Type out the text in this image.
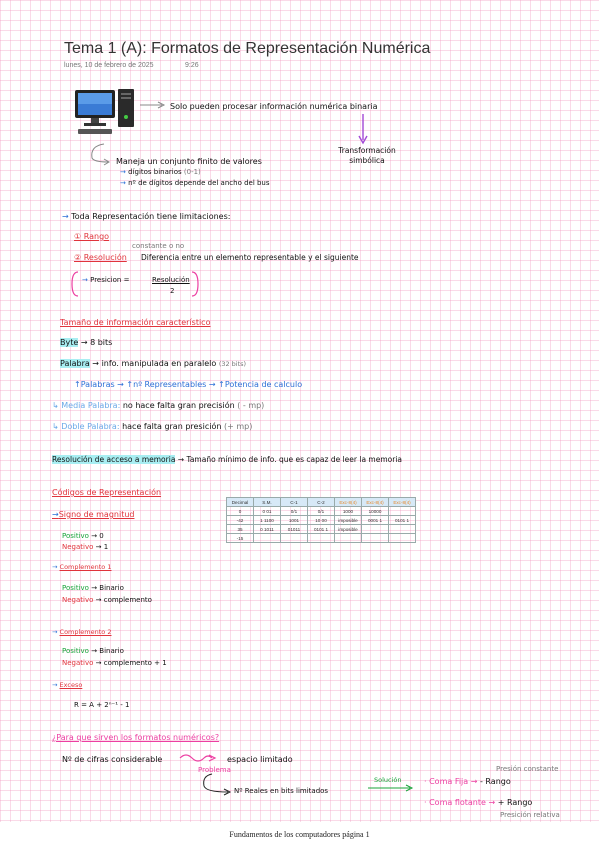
Tema 1 (A): Formatos de Representación Numérica
lunes, 10 de febrero de 2025	9:26
Solo pueden procesar información numérica binaria
Transformación simbólica
Maneja un conjunto finito de valores
→ dígitos binarios (0-1)
→ nº de dígitos depende del ancho del bus
→ Toda Representación tiene limitaciones:
① Rango
constante o no
② Resolución Diferencia entre un elemento representable y el siguiente
→ Presicion =	Resolución
2
Tamaño de información característico
Byte → 8 bits
Palabra → info. manipulada en paralelo (32 bits)
↑Palabras → ↑nº Representables → ↑Potencia de calculo
↳ Media Palabra: no hace falta gran precisión ( - mp)
↳ Doble Palabra: hace falta gran presición (+ mp)
Resolución de acceso a memoria → Tamaño mínimo de info. que es capaz de leer la memoria
Códigos de Representación
→Signo de magnitud
Positivo → 0
Negativo → 1
→ Complemento 1
Positivo → Binario
Negativo → complemento
→ Complemento 2
Positivo → Binario
Negativo → complemento + 1
→ Exceso
R = A + 2ⁿ⁻¹ - 1
Decimal	S.M.	C-1	C-2	Exc-8(4)	Exc-8(4)	Exc-8(4)
0	0 01	0/1	0/1	1000	10000	
-42	1 1100	1001	10 00	imposible	0001 1	0101 1
35	0 1011	01011	0101 1	imposible		
-15						
¿Para que sirven los formatos numéricos?
Nº de cifras considerable	espacio limitado
Problema
Nº Reales en bits limitados
Solución
Presión constante
· Coma Fija → - Rango
· Coma flotante → + Rango
Presición relativa
Fundamentos de los computadores página 1
